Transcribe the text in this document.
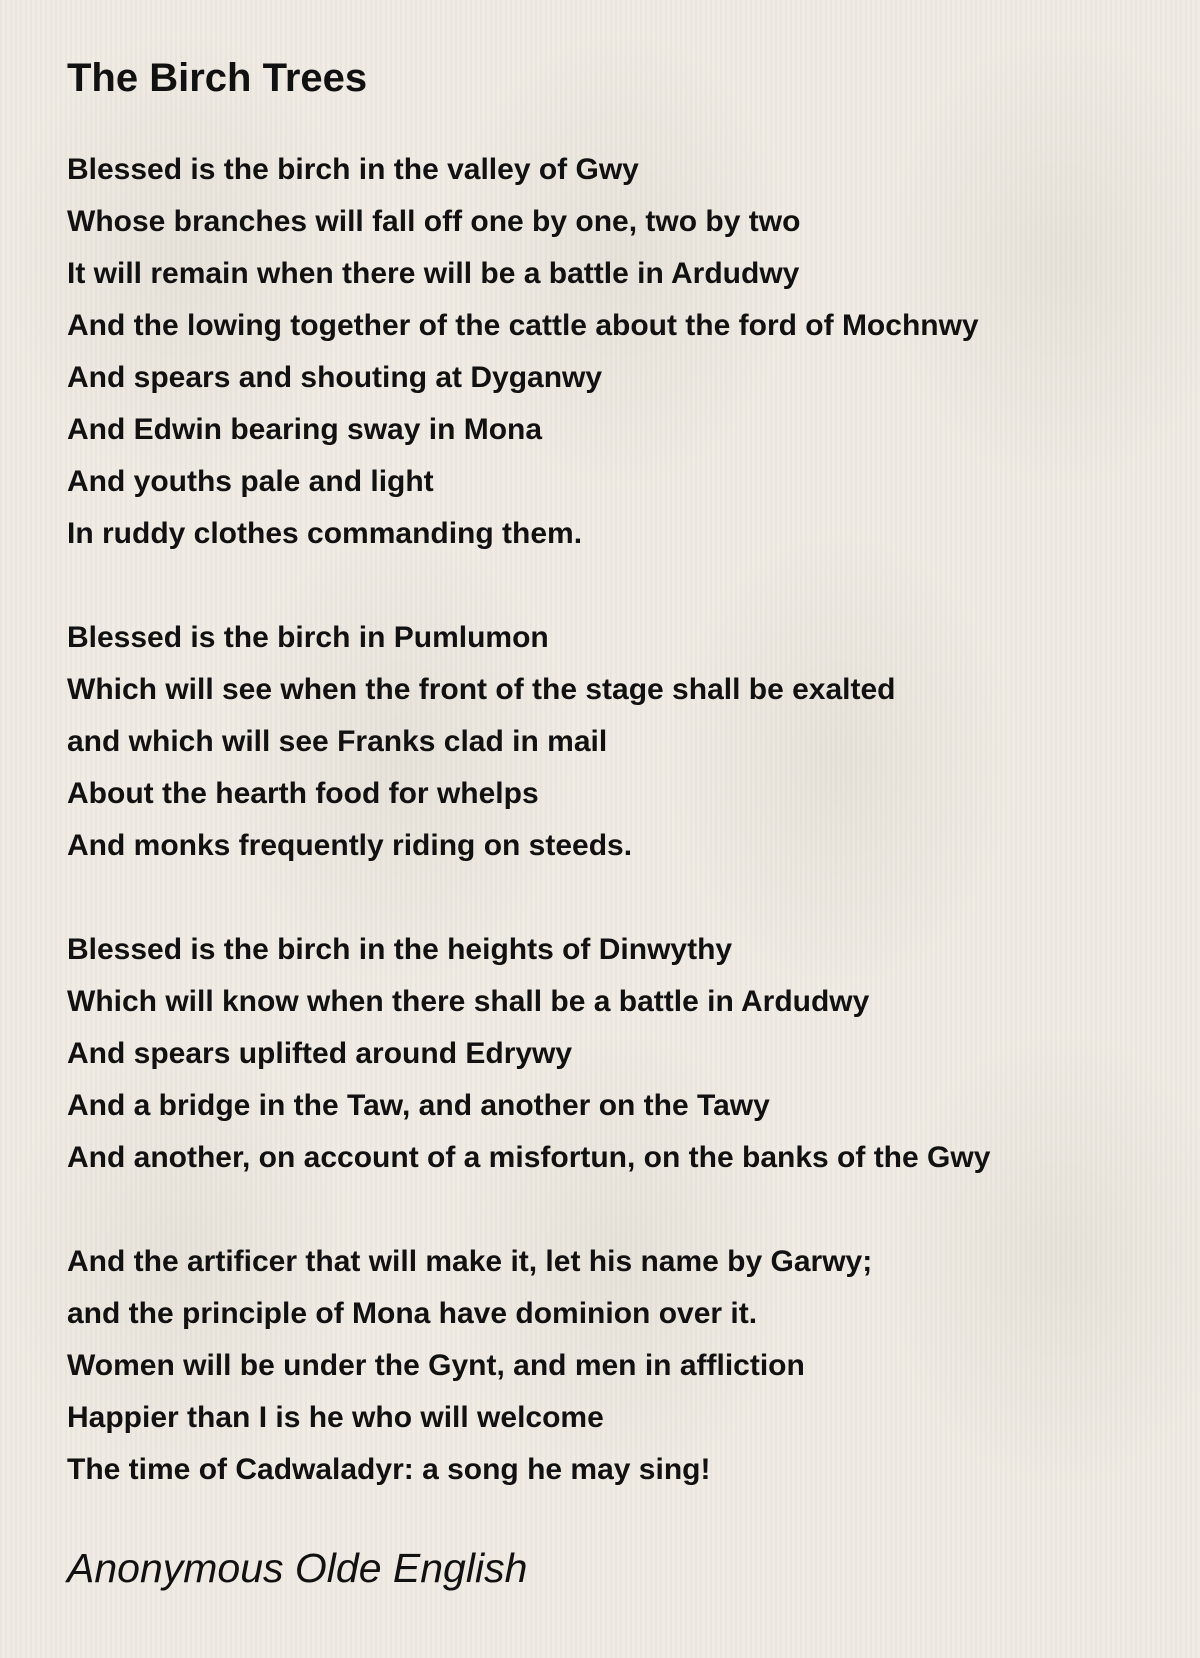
The Birch Trees
Blessed is the birch in the valley of Gwy
Whose branches will fall off one by one, two by two
It will remain when there will be a battle in Ardudwy
And the lowing together of the cattle about the ford of Mochnwy
And spears and shouting at Dyganwy
And Edwin bearing sway in Mona
And youths pale and light
In ruddy clothes commanding them.
Blessed is the birch in Pumlumon
Which will see when the front of the stage shall be exalted
and which will see Franks clad in mail
About the hearth food for whelps
And monks frequently riding on steeds.
Blessed is the birch in the heights of Dinwythy
Which will know when there shall be a battle in Ardudwy
And spears uplifted around Edrywy
And a bridge in the Taw, and another on the Tawy
And another, on account of a misfortun, on the banks of the Gwy
And the artificer that will make it, let his name by Garwy;
and the principle of Mona have dominion over it.
Women will be under the Gynt, and men in affliction
Happier than I is he who will welcome
The time of Cadwaladyr: a song he may sing!
Anonymous Olde English
